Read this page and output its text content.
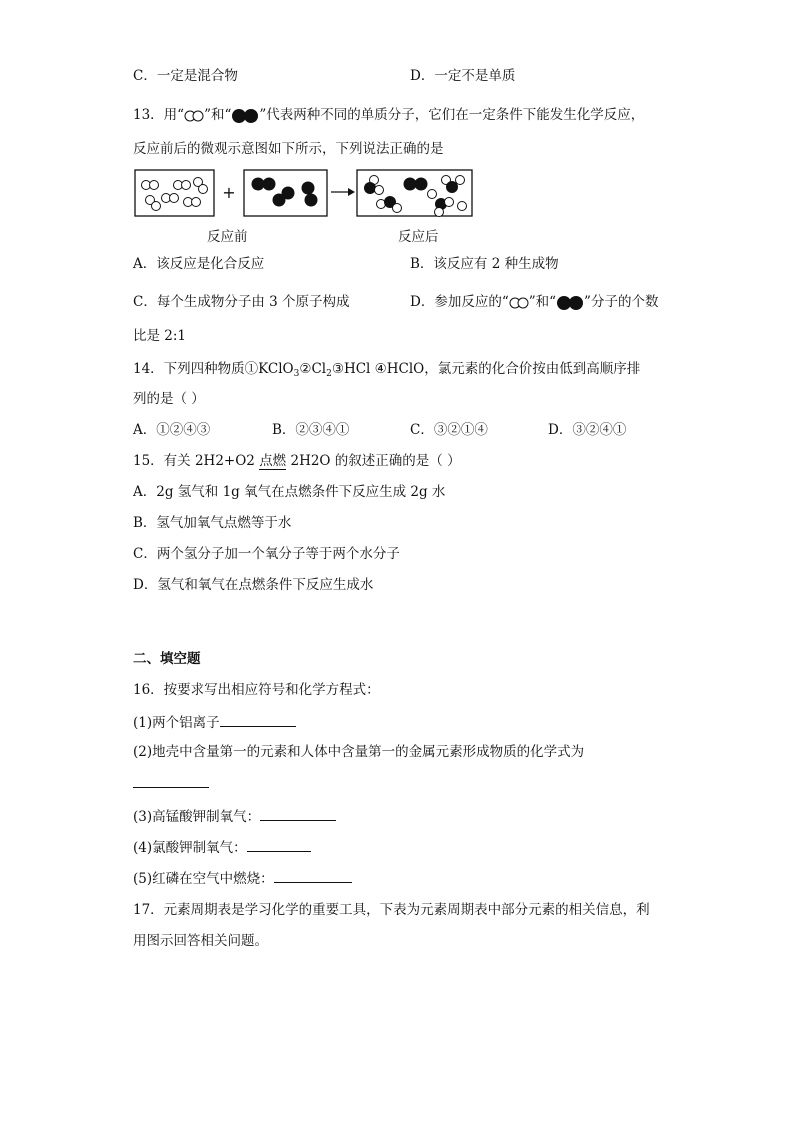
C．一定是混合物	D．一定不是单质
13．用“ ”和“ ”代表两种不同的单质分子，它们在一定条件下能发生化学反应，
反应前后的微观示意图如下所示，下列说法正确的是
+
反应前	反应后
A．该反应是化合反应	B．该反应有 2 种生成物
C．每个生成物分子由 3 个原子构成	D．参加反应的“ ”和“ ”分子的个数
比是 2:1
14．下列四种物质$①KClO_3②Cl_2③HCl$ ④HClO，氯元素的化合价按由低到高顺序排
列的是（ ）
A．①②④③	B．②③④①	C．③②①④	D．③②④①
15．有关 2H2+O2 点燃 2H2O 的叙述正确的是（ ）
A．2g 氢气和 1g 氧气在点燃条件下反应生成 2g 水
B．氢气加氧气点燃等于水
C．两个氢分子加一个氧分子等于两个水分子
D．氢气和氧气在点燃条件下反应生成水
二、填空题
16．按要求写出相应符号和化学方程式：
(1)两个铝离子
(2)地壳中含量第一的元素和人体中含量第一的金属元素形成物质的化学式为
(3)高锰酸钾制氧气：
(4)氯酸钾制氧气：
(5)红磷在空气中燃烧：
17．元素周期表是学习化学的重要工具，下表为元素周期表中部分元素的相关信息，利
用图示回答相关问题。
